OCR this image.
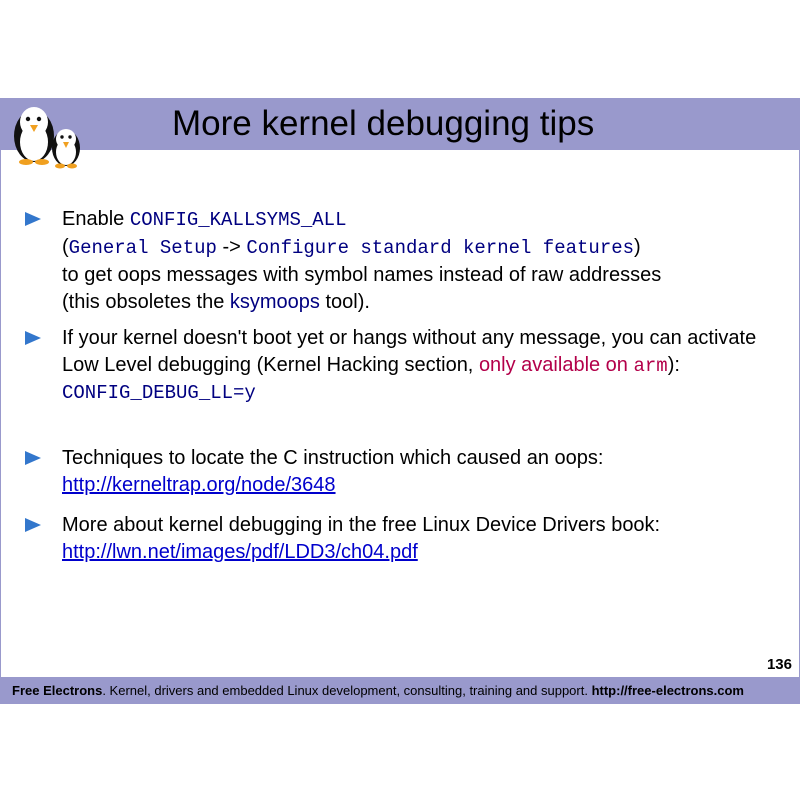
More kernel debugging tips
Enable CONFIG_KALLSYMS_ALL
(General Setup -> Configure standard kernel features)
to get oops messages with symbol names instead of raw addresses
(this obsoletes the ksymoops tool).
If your kernel doesn't boot yet or hangs without any message, you can activate Low Level debugging (Kernel Hacking section, only available on arm):
CONFIG_DEBUG_LL=y
Techniques to locate the C instruction which caused an oops:
http://kerneltrap.org/node/3648
More about kernel debugging in the free Linux Device Drivers book:
http://lwn.net/images/pdf/LDD3/ch04.pdf
136
Free Electrons. Kernel, drivers and embedded Linux development, consulting, training and support. http://free-electrons.com
